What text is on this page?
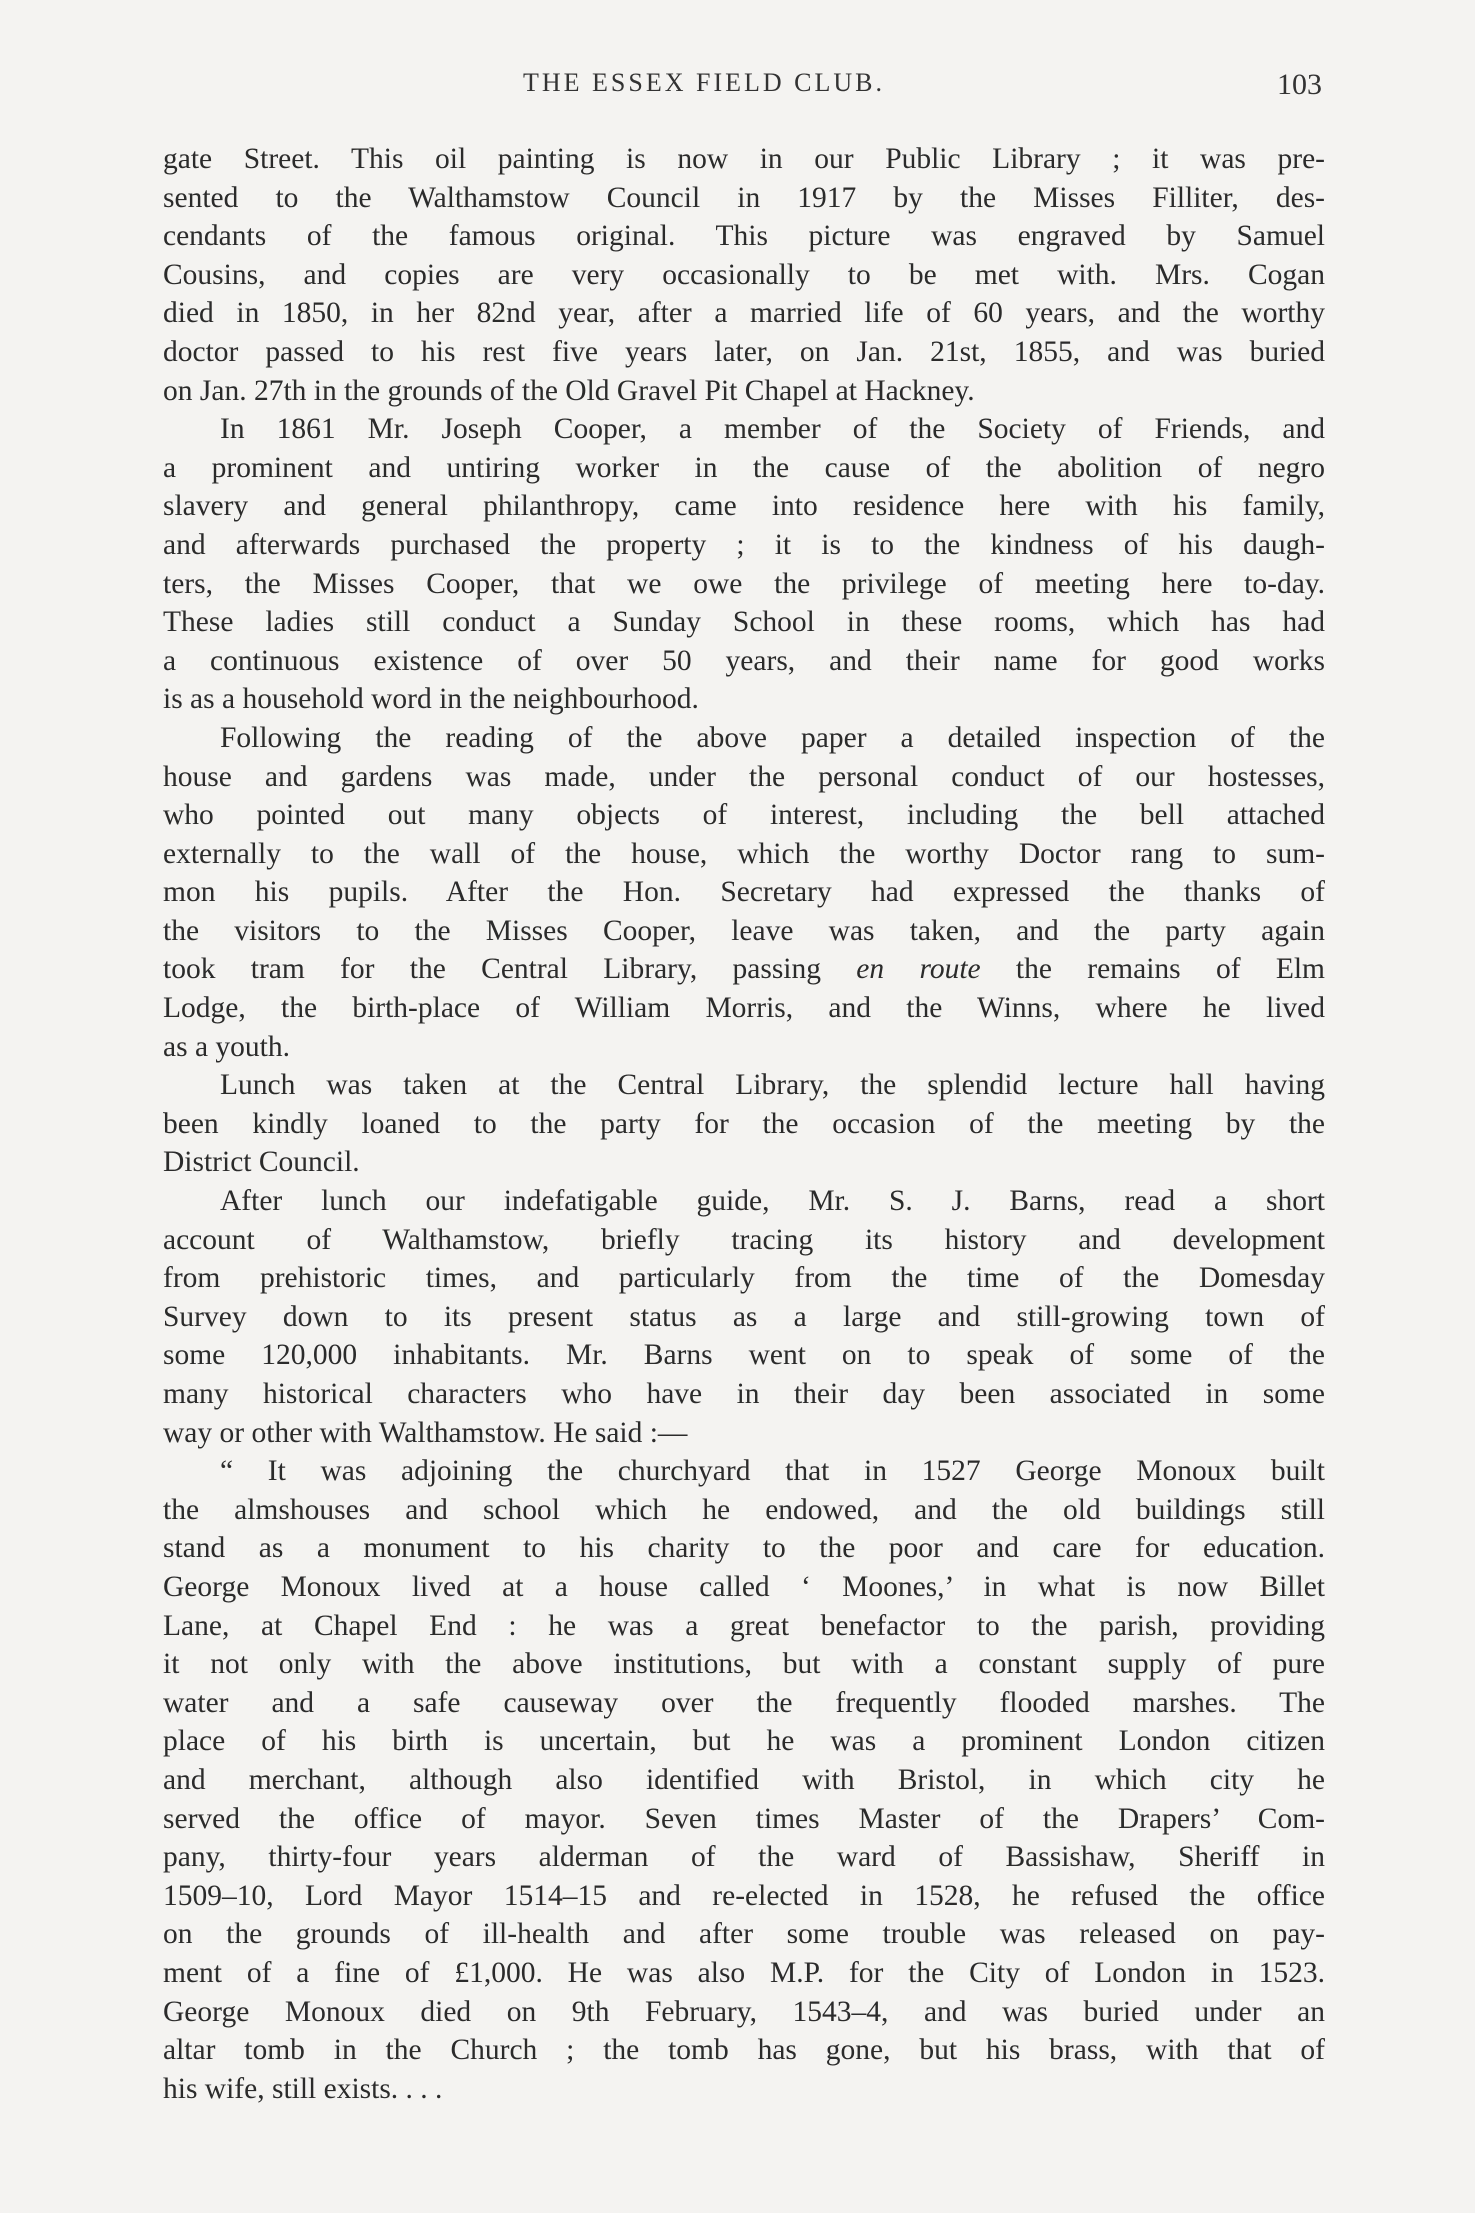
THE ESSEX FIELD CLUB.	103
gate Street. This oil painting is now in our Public Library ; it was pre-
sented to the Walthamstow Council in 1917 by the Misses Filliter, des-
cendants of the famous original. This picture was engraved by Samuel
Cousins, and copies are very occasionally to be met with. Mrs. Cogan
died in 1850, in her 82nd year, after a married life of 60 years, and the worthy
doctor passed to his rest five years later, on Jan. 21st, 1855, and was buried
on Jan. 27th in the grounds of the Old Gravel Pit Chapel at Hackney.
In 1861 Mr. Joseph Cooper, a member of the Society of Friends, and
a prominent and untiring worker in the cause of the abolition of negro
slavery and general philanthropy, came into residence here with his family,
and afterwards purchased the property ; it is to the kindness of his daugh-
ters, the Misses Cooper, that we owe the privilege of meeting here to-day.
These ladies still conduct a Sunday School in these rooms, which has had
a continuous existence of over 50 years, and their name for good works
is as a household word in the neighbourhood.
Following the reading of the above paper a detailed inspection of the
house and gardens was made, under the personal conduct of our hostesses,
who pointed out many objects of interest, including the bell attached
externally to the wall of the house, which the worthy Doctor rang to sum-
mon his pupils. After the Hon. Secretary had expressed the thanks of
the visitors to the Misses Cooper, leave was taken, and the party again
took tram for the Central Library, passing en route the remains of Elm
Lodge, the birth-place of William Morris, and the Winns, where he lived
as a youth.
Lunch was taken at the Central Library, the splendid lecture hall having
been kindly loaned to the party for the occasion of the meeting by the
District Council.
After lunch our indefatigable guide, Mr. S. J. Barns, read a short
account of Walthamstow, briefly tracing its history and development
from prehistoric times, and particularly from the time of the Domesday
Survey down to its present status as a large and still-growing town of
some 120,000 inhabitants. Mr. Barns went on to speak of some of the
many historical characters who have in their day been associated in some
way or other with Walthamstow. He said :—
“ It was adjoining the churchyard that in 1527 George Monoux built
the almshouses and school which he endowed, and the old buildings still
stand as a monument to his charity to the poor and care for education.
George Monoux lived at a house called ‘ Moones,’ in what is now Billet
Lane, at Chapel End : he was a great benefactor to the parish, providing
it not only with the above institutions, but with a constant supply of pure
water and a safe causeway over the frequently flooded marshes. The
place of his birth is uncertain, but he was a prominent London citizen
and merchant, although also identified with Bristol, in which city he
served the office of mayor. Seven times Master of the Drapers’ Com-
pany, thirty-four years alderman of the ward of Bassishaw, Sheriff in
1509–10, Lord Mayor 1514–15 and re-elected in 1528, he refused the office
on the grounds of ill-health and after some trouble was released on pay-
ment of a fine of £1,000. He was also M.P. for the City of London in 1523.
George Monoux died on 9th February, 1543–4, and was buried under an
altar tomb in the Church ; the tomb has gone, but his brass, with that of
his wife, still exists. . . .
